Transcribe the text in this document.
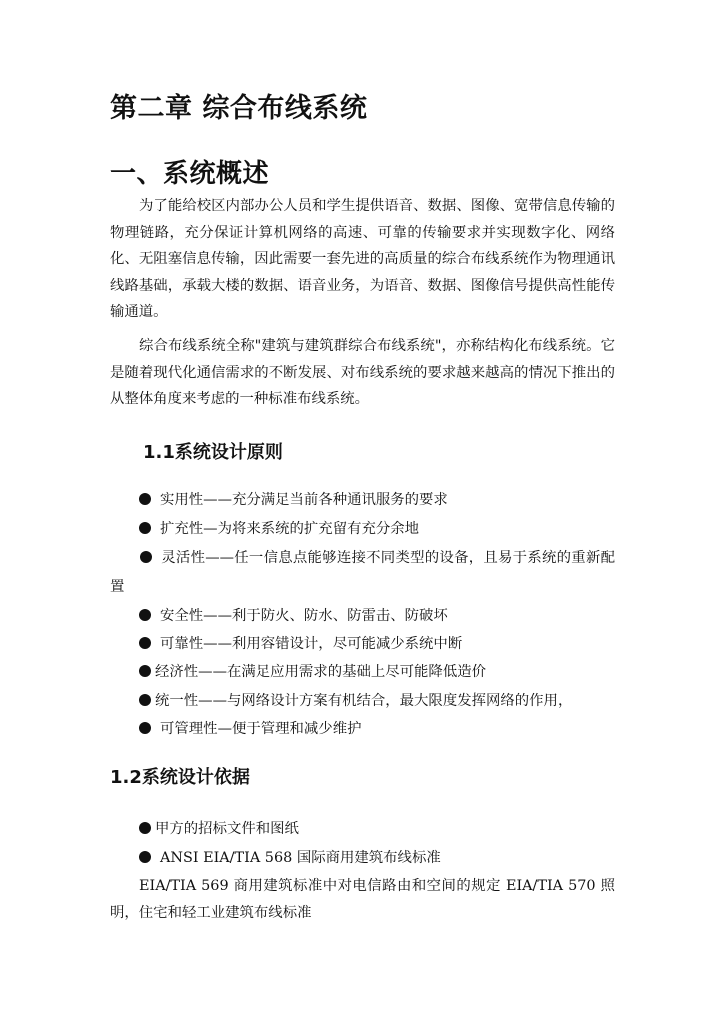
第二章 综合布线系统
一、系统概述

为了能给校区内部办公人员和学生提供语音、数据、图像、宽带信息传输的物理链路，充分保证计算机网络的高速、可靠的传输要求并实现数字化、网络化、无阻塞信息传输，因此需要一套先进的高质量的综合布线系统作为物理通讯线路基础，承载大楼的数据、语音业务，为语音、数据、图像信号提供高性能传输通道。

综合布线系统全称"建筑与建筑群综合布线系统"，亦称结构化布线系统。它是随着现代化通信需求的不断发展、对布线系统的要求越来越高的情况下推出的从整体角度来考虑的一种标准布线系统。

1.1系统设计原则

实用性——充分满足当前各种通讯服务的要求

扩充性—为将来系统的扩充留有充分余地

灵活性——任一信息点能够连接不同类型的设备，且易于系统的重新配置

安全性——利于防火、防水、防雷击、防破坏

可靠性——利用容错设计，尽可能减少系统中断

经济性——在满足应用需求的基础上尽可能降低造价

统一性——与网络设计方案有机结合，最大限度发挥网络的作用，

可管理性—便于管理和减少维护

1.2系统设计依据

甲方的招标文件和图纸

ANSI EIA/TIA 568 国际商用建筑布线标准

EIA/TIA 569 商用建筑标准中对电信路由和空间的规定 EIA/TIA 570 照明，住宅和轻工业建筑布线标准
